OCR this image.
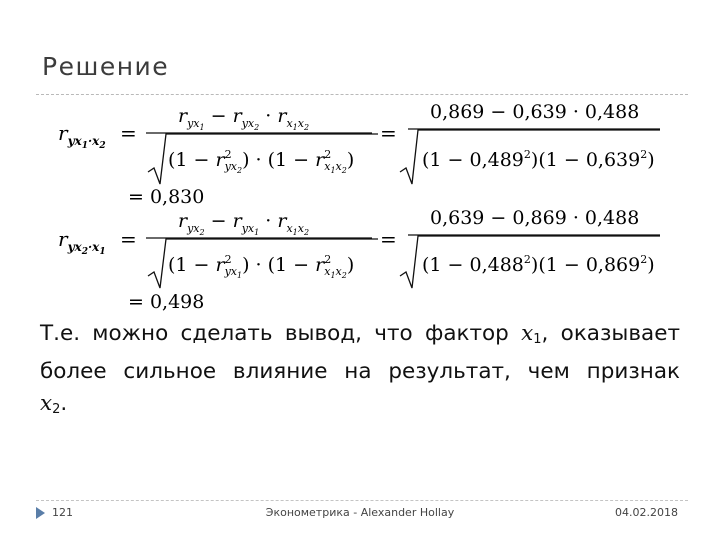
Решение
$r_{yx}1\cdot x2$
=
$r_{yx}1 - r_{yx}2 \cdot r_x1x2$
($1 - r^2$ $yx2) \cdot (1 - r^2$ x1x2)
=
0,869 − 0,639 · 0,488
$(1 - 0,489^2)(1 - 0,639^2)$
= 0,830
$r_{yx}2\cdot x1$
=
$r_{yx}2 - r_{yx}1 \cdot r_x1x2$
($1 - r^2$ $yx1) \cdot (1 - r^2$ x1x2)
=
0,639 − 0,869 · 0,488
$(1 - 0,488^2)(1 - 0,869^2)$
= 0,498
Т.е. можно сделать вывод, что фактор $x_1$, оказывает более сильное влияние на результат, чем признак
$x_2$.
121	Эконометрика - Alexander Hollay	04.02.2018
